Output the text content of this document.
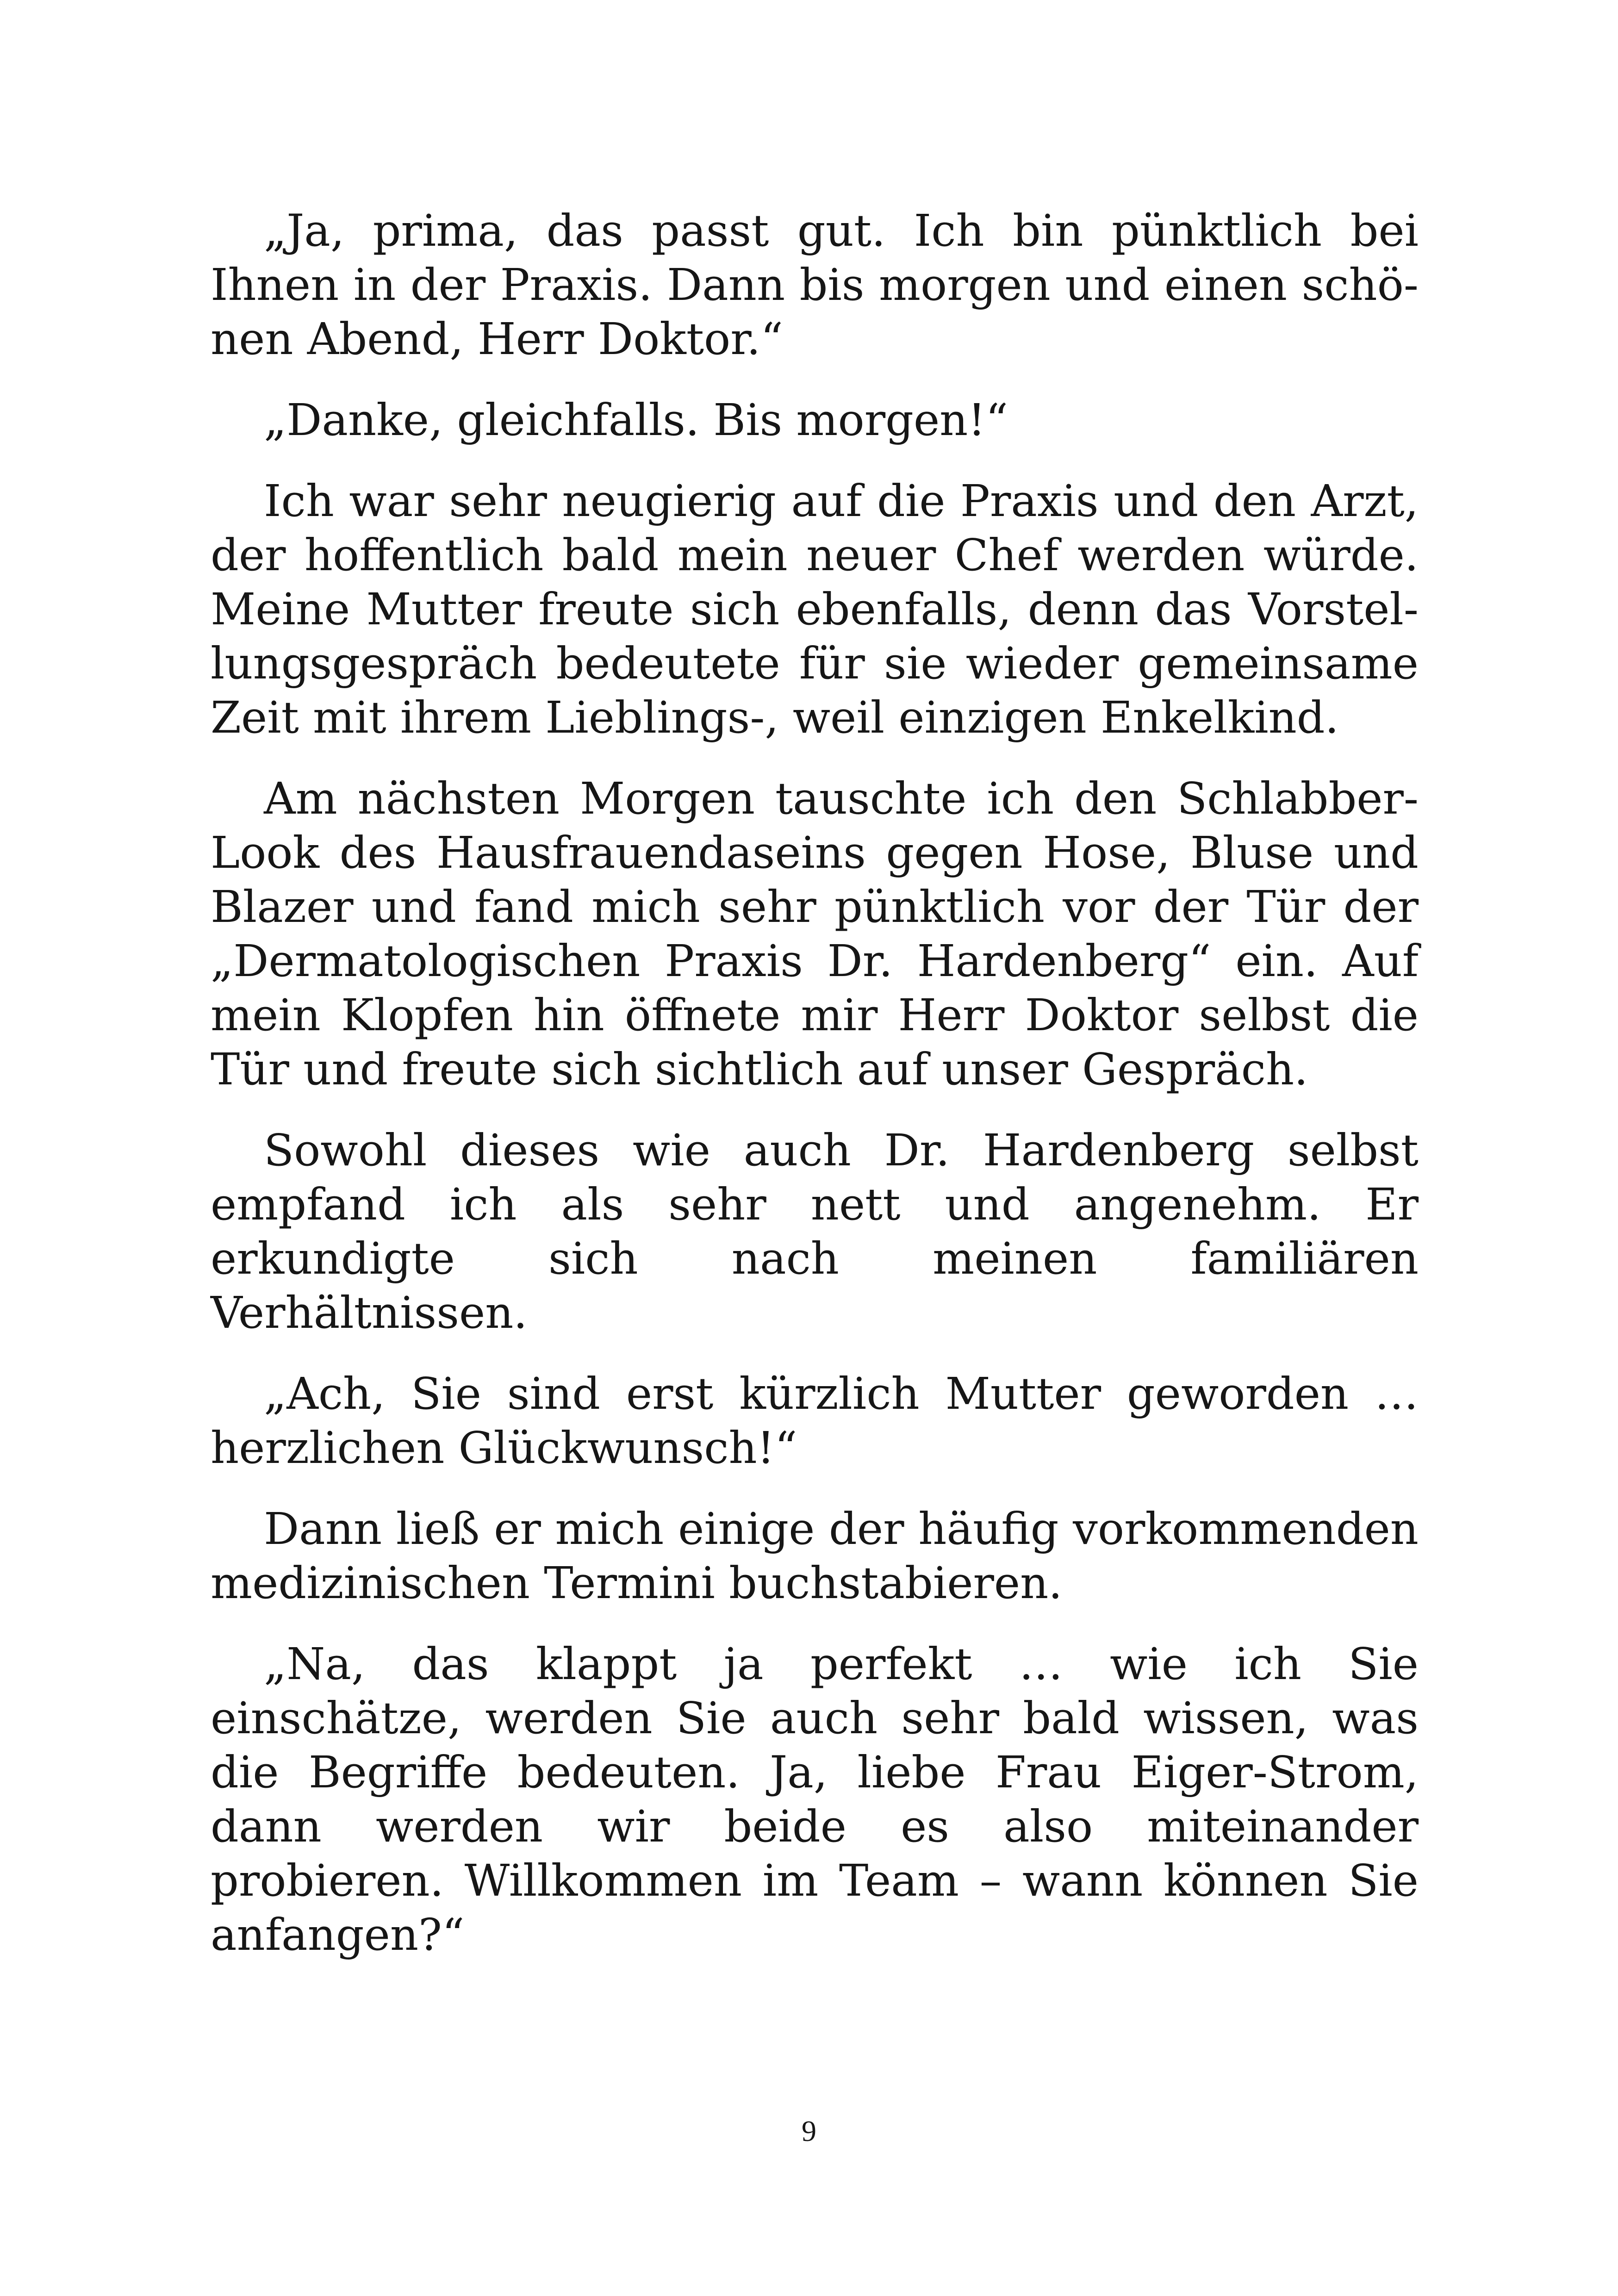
„Ja, prima, das passt gut. Ich bin pünktlich bei Ihnen in der Praxis. Dann bis morgen und einen schönen Abend, Herr Doktor.“

„Danke, gleichfalls. Bis morgen!“

Ich war sehr neugierig auf die Praxis und den Arzt, der hoffentlich bald mein neuer Chef werden würde. Meine Mutter freute sich ebenfalls, denn das Vorstellungsgespräch bedeutete für sie wieder gemeinsame Zeit mit ihrem Lieblings-, weil einzigen Enkelkind.

Am nächsten Morgen tauschte ich den Schlabber-Look des Hausfrauendaseins gegen Hose, Bluse und Blazer und fand mich sehr pünktlich vor der Tür der „Dermatologischen Praxis Dr. Hardenberg“ ein. Auf mein Klopfen hin öffnete mir Herr Doktor selbst die Tür und freute sich sichtlich auf unser Gespräch.

Sowohl dieses wie auch Dr. Hardenberg selbst empfand ich als sehr nett und angenehm. Er erkundigte sich nach meinen familiären Verhältnissen.

„Ach, Sie sind erst kürzlich Mutter geworden … herzlichen Glückwunsch!“

Dann ließ er mich einige der häufig vorkommenden medizinischen Termini buchstabieren.

„Na, das klappt ja perfekt … wie ich Sie einschätze, werden Sie auch sehr bald wissen, was die Begriffe bedeuten. Ja, liebe Frau Eiger-Strom, dann werden wir beide es also miteinander probieren. Willkommen im Team – wann können Sie anfangen?“

9
